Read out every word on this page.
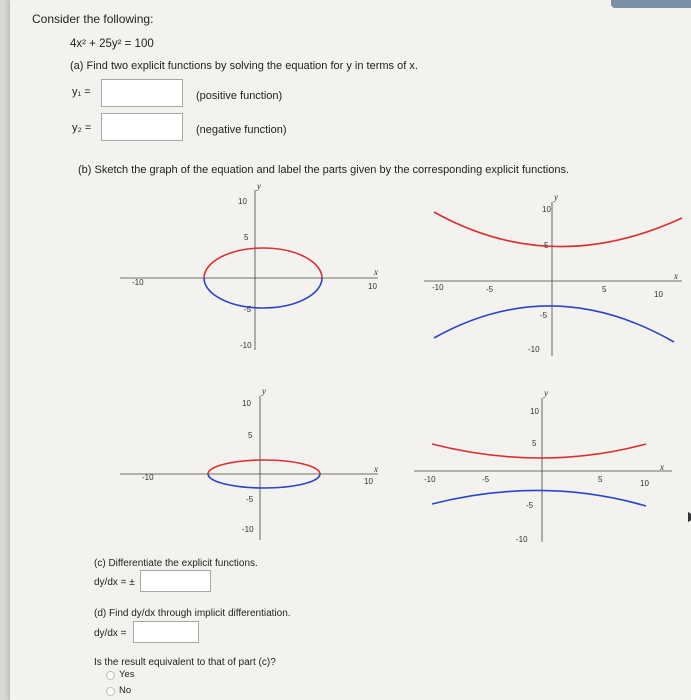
Consider the following:
4x² + 25y² = 100
(a) Find two explicit functions by solving the equation for y in terms of x.
y₁ =	(positive function)
y₂ =	(negative function)
(b) Sketch the graph of the equation and label the parts given by the corresponding explicit functions.
x
y
-10	10
10
5
-5
-10
x
y
-10	-5	5
10
10
5
-5
-10
x
y
-10	10
10
5
-5
-10
x
y
-10	-5	5	10
10
5
-5
-10
(c) Differentiate the explicit functions.
dy/dx = ±
(d) Find dy/dx through implicit differentiation.
dy/dx =
Is the result equivalent to that of part (c)?
Yes
No
